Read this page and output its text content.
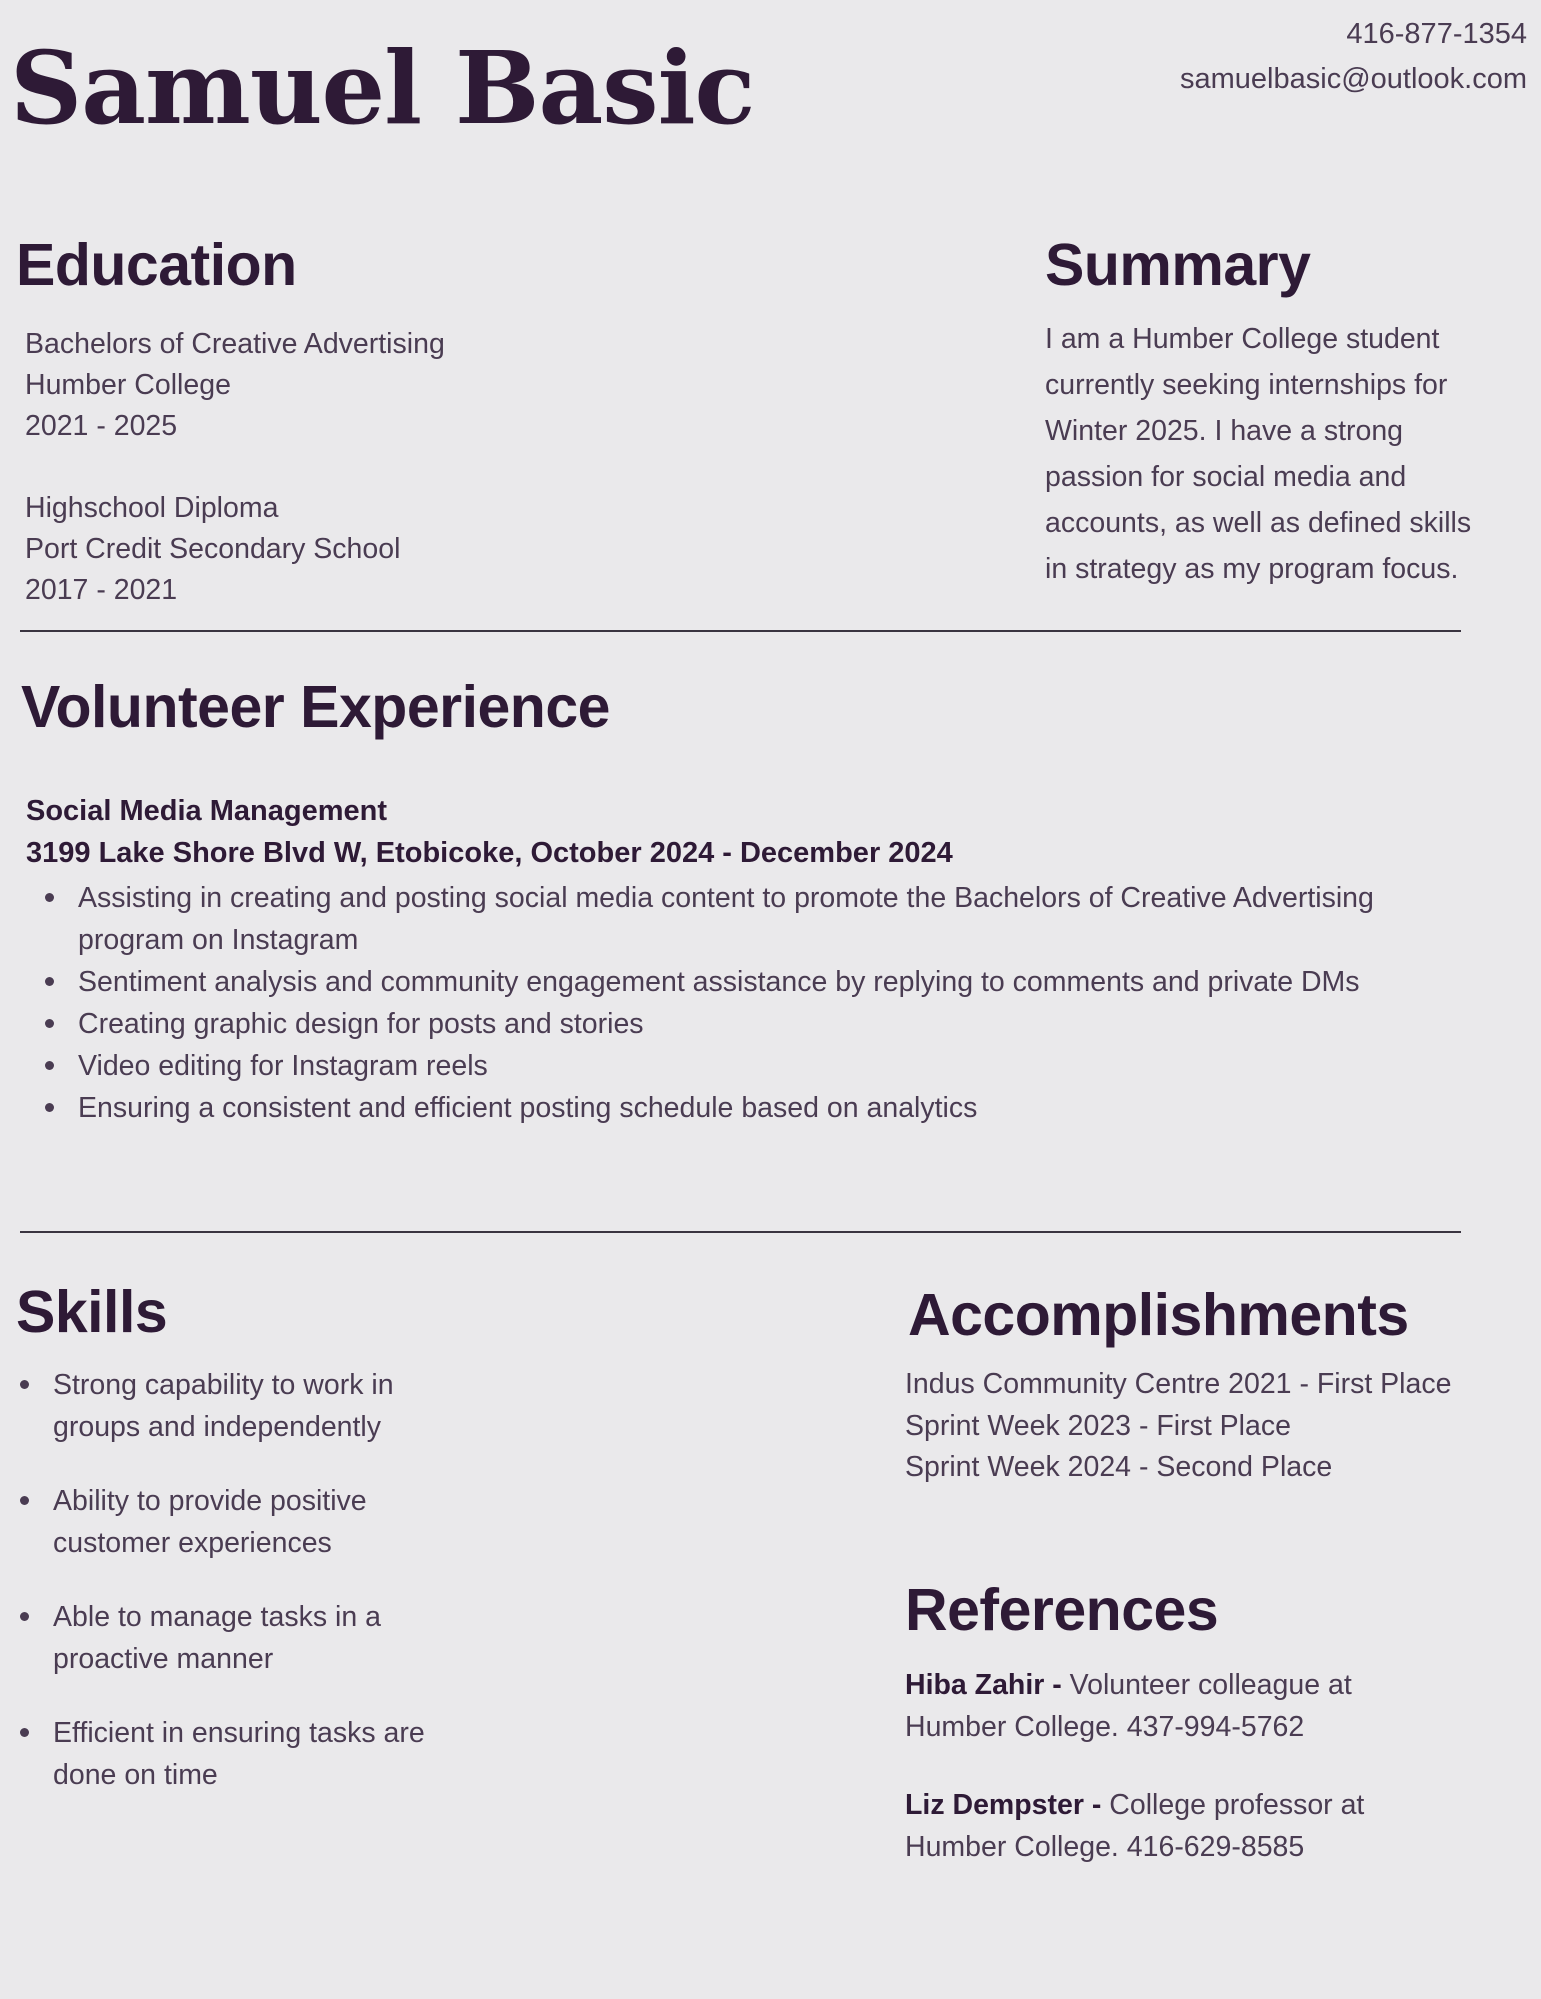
Samuel Basic	416-877-1354
samuelbasic@outlook.com
Education
Bachelors of Creative Advertising
Humber College
2021 - 2025
Highschool Diploma
Port Credit Secondary School
2017 - 2021
Summary

I am a Humber College student currently seeking internships for Winter 2025. I have a strong passion for social media and accounts, as well as defined skills in strategy as my program focus.

Volunteer Experience
Social Media Management
3199 Lake Shore Blvd W, Etobicoke, October 2024 - December 2024
Assisting in creating and posting social media content to promote the Bachelors of Creative Advertising program on Instagram
Sentiment analysis and community engagement assistance by replying to comments and private DMs
Creating graphic design for posts and stories
Video editing for Instagram reels
Ensuring a consistent and efficient posting schedule based on analytics
Skills
Strong capability to work in groups and independently
Ability to provide positive customer experiences
Able to manage tasks in a proactive manner
Efficient in ensuring tasks are done on time
Accomplishments
Indus Community Centre 2021 - First Place
Sprint Week 2023 - First Place
Sprint Week 2024 - Second Place
References

Hiba Zahir - Volunteer colleague at Humber College. 437-994-5762

Liz Dempster - College professor at Humber College. 416-629-8585
